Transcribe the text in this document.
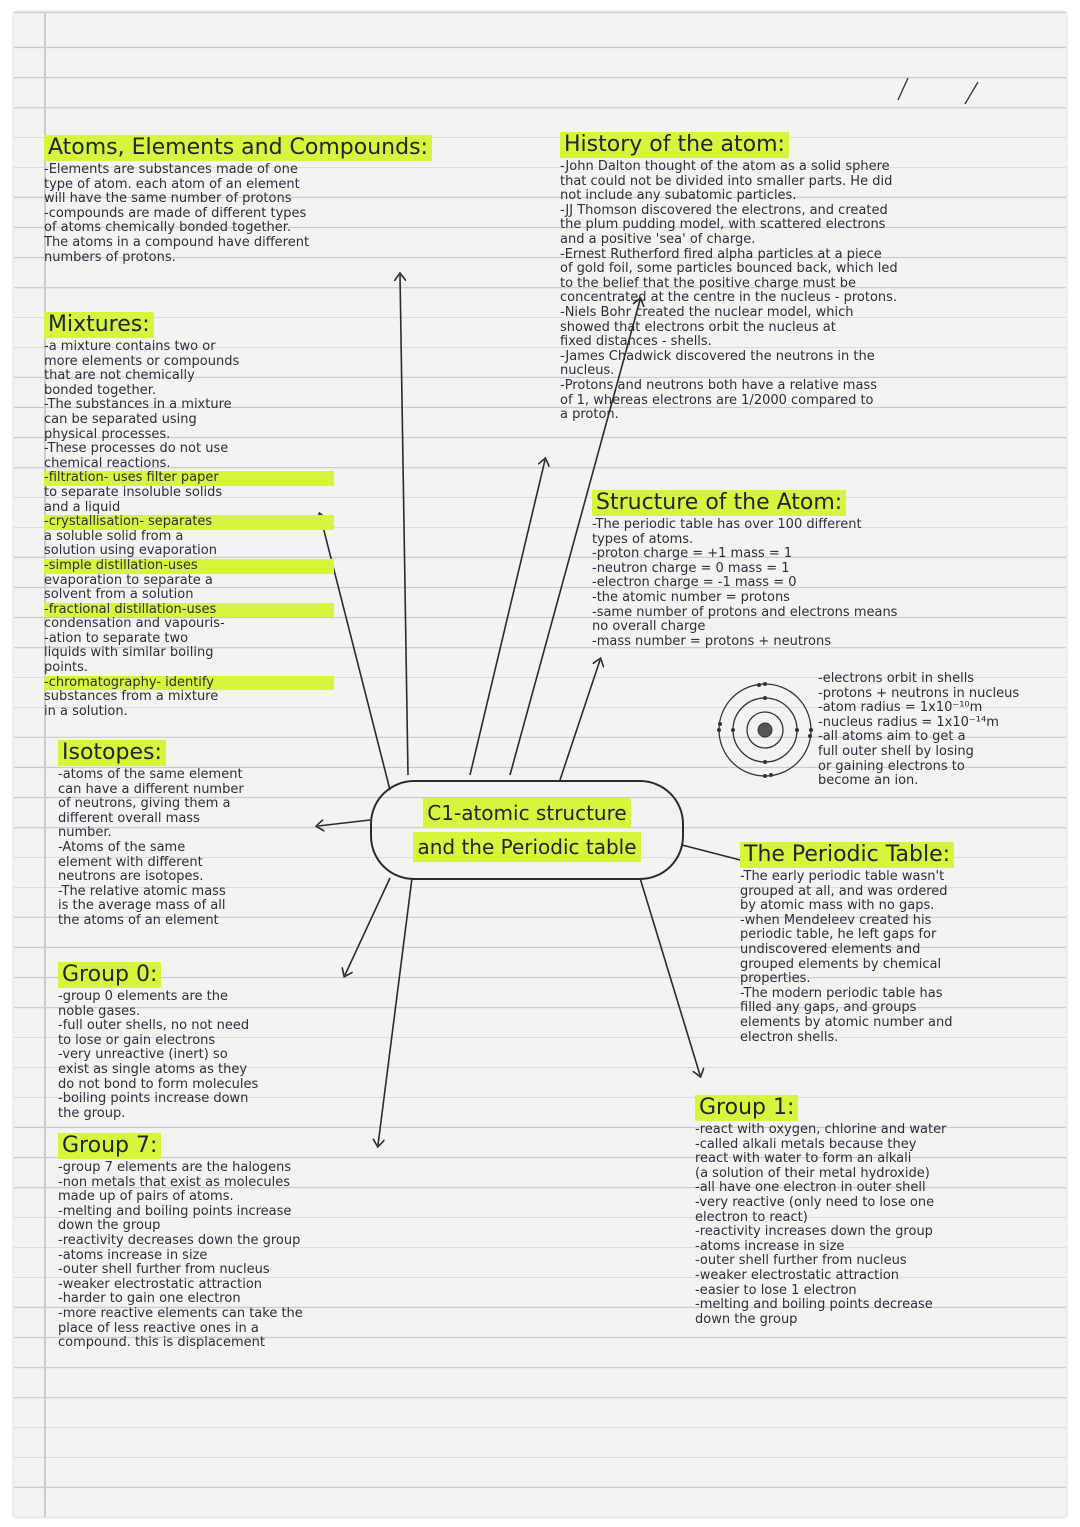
C1-atomic structure
and the Periodic table
Atoms, Elements and Compounds:
-Elements are substances made of one
type of atom. each atom of an element
will have the same number of protons
-compounds are made of different types
of atoms chemically bonded together.
The atoms in a compound have different
numbers of protons.
Mixtures:
-a mixture contains two or
more elements or compounds
that are not chemically
bonded together.
-The substances in a mixture
can be separated using
physical processes.
-These processes do not use
chemical reactions.
-filtration- uses filter paper
to separate insoluble solids
and a liquid
-crystallisation- separates
a soluble solid from a
solution using evaporation
-simple distillation-uses
evaporation to separate a
solvent from a solution
-fractional distillation-uses
condensation and vapouris-
-ation to separate two
liquids with similar boiling
points.
-chromatography- identify
substances from a mixture
in a solution.
Isotopes:
-atoms of the same element
can have a different number
of neutrons, giving them a
different overall mass
number.
-Atoms of the same
element with different
neutrons are isotopes.
-The relative atomic mass
is the average mass of all
the atoms of an element
Group 0:
-group 0 elements are the
noble gases.
-full outer shells, no not need
to lose or gain electrons
-very unreactive (inert) so
exist as single atoms as they
do not bond to form molecules
-boiling points increase down
the group.
Group 7:
-group 7 elements are the halogens
-non metals that exist as molecules
made up of pairs of atoms.
-melting and boiling points increase
down the group
-reactivity decreases down the group
-atoms increase in size
-outer shell further from nucleus
-weaker electrostatic attraction
-harder to gain one electron
-more reactive elements can take the
place of less reactive ones in a
compound. this is displacement
History of the atom:
-John Dalton thought of the atom as a solid sphere
that could not be divided into smaller parts. He did
not include any subatomic particles.
-JJ Thomson discovered the electrons, and created
the plum pudding model, with scattered electrons
and a positive 'sea' of charge.
-Ernest Rutherford fired alpha particles at a piece
of gold foil, some particles bounced back, which led
to the belief that the positive charge must be
concentrated at the centre in the nucleus - protons.
-Niels Bohr created the nuclear model, which
showed that electrons orbit the nucleus at
fixed distances - shells.
-James Chadwick discovered the neutrons in the
nucleus.
-Protons and neutrons both have a relative mass
of 1, whereas electrons are 1/2000 compared to
a proton.
Structure of the Atom:
-The periodic table has over 100 different
types of atoms.
-proton charge = +1 mass = 1
-neutron charge = 0 mass = 1
-electron charge = -1 mass = 0
-the atomic number = protons
-same number of protons and electrons means
no overall charge
-mass number = protons + neutrons
-electrons orbit in shells
-protons + neutrons in nucleus
-atom radius = 1x10⁻¹⁰m
-nucleus radius = 1x10⁻¹⁴m
-all atoms aim to get a
full outer shell by losing
or gaining electrons to
become an ion.
The Periodic Table:
-The early periodic table wasn't
grouped at all, and was ordered
by atomic mass with no gaps.
-when Mendeleev created his
periodic table, he left gaps for
undiscovered elements and
grouped elements by chemical
properties.
-The modern periodic table has
filled any gaps, and groups
elements by atomic number and
electron shells.
Group 1:
-react with oxygen, chlorine and water
-called alkali metals because they
react with water to form an alkali
(a solution of their metal hydroxide)
-all have one electron in outer shell
-very reactive (only need to lose one
electron to react)
-reactivity increases down the group
-atoms increase in size
-outer shell further from nucleus
-weaker electrostatic attraction
-easier to lose 1 electron
-melting and boiling points decrease
down the group
